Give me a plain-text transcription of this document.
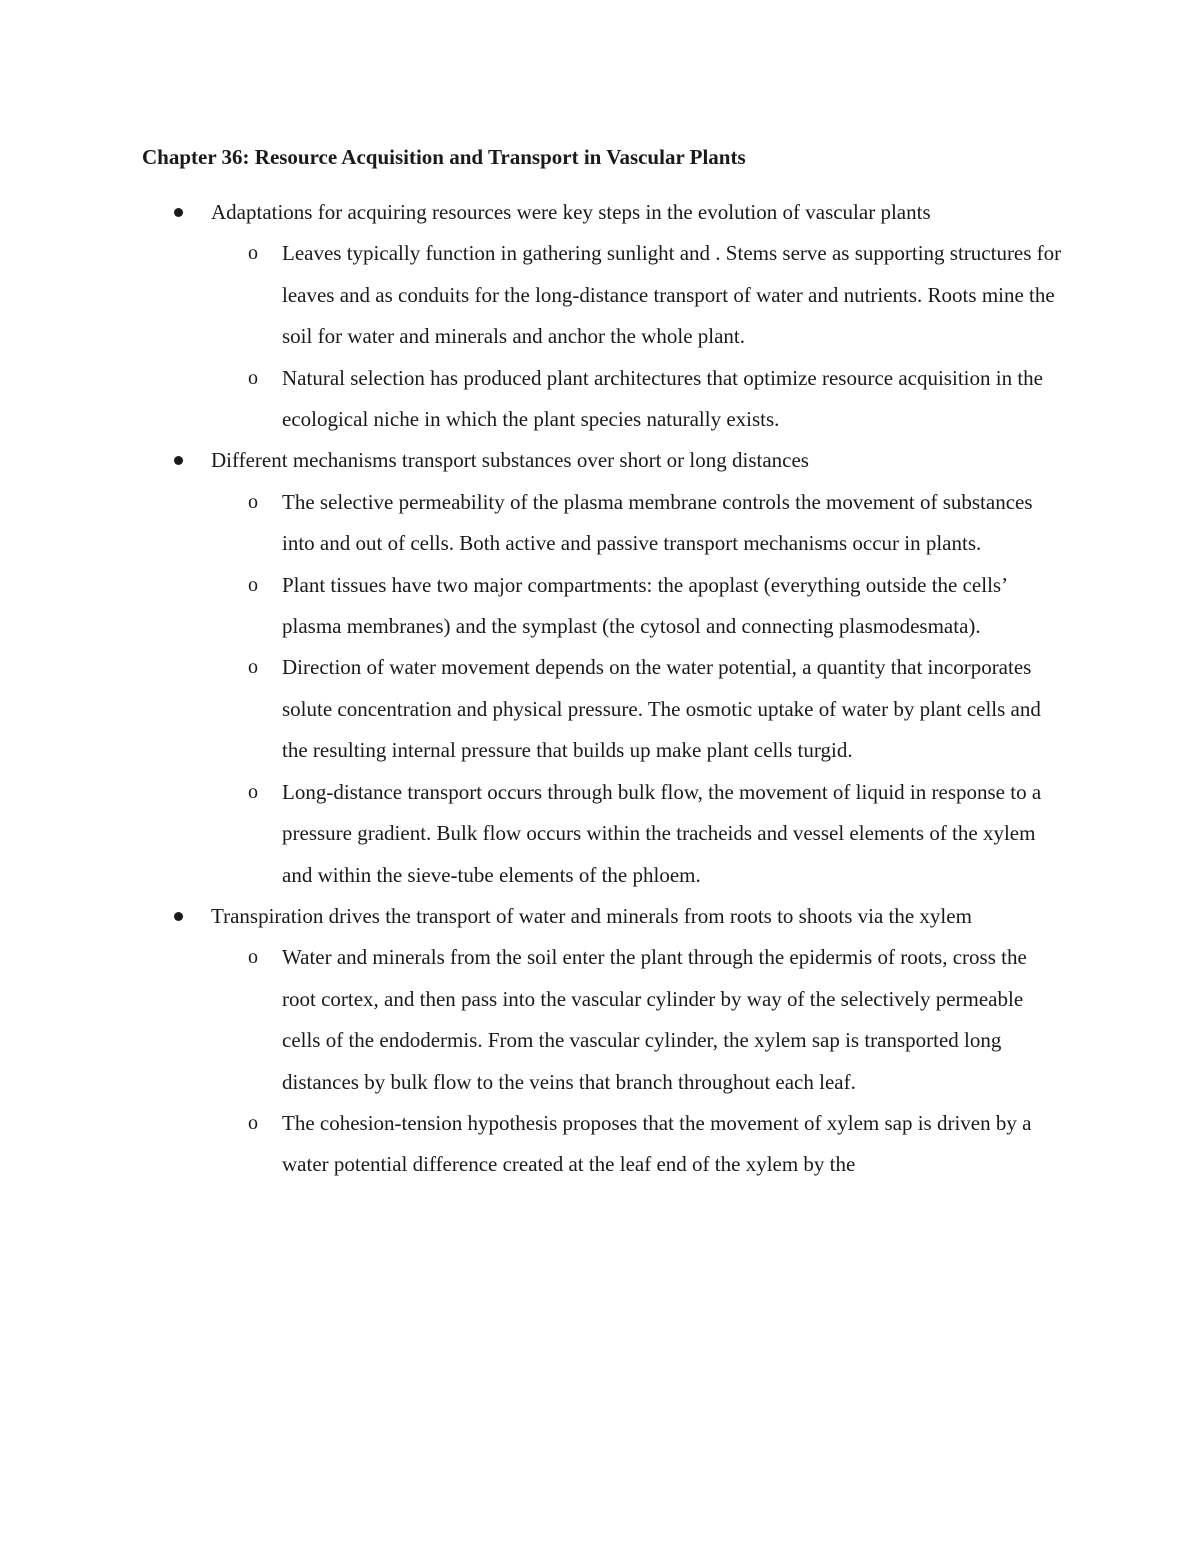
Chapter 36: Resource Acquisition and Transport in Vascular Plants
Adaptations for acquiring resources were key steps in the evolution of vascular plants
o Leaves typically function in gathering sunlight and . Stems serve as supporting structures for leaves and as conduits for the long-distance transport of water and nutrients. Roots mine the soil for water and minerals and anchor the whole plant.
o Natural selection has produced plant architectures that optimize resource acquisition in the ecological niche in which the plant species naturally exists.
Different mechanisms transport substances over short or long distances
o The selective permeability of the plasma membrane controls the movement of substances into and out of cells. Both active and passive transport mechanisms occur in plants.
o Plant tissues have two major compartments: the apoplast (everything outside the cells’ plasma membranes) and the symplast (the cytosol and connecting plasmodesmata).
o Direction of water movement depends on the water potential, a quantity that incorporates solute concentration and physical pressure. The osmotic uptake of water by plant cells and the resulting internal pressure that builds up make plant cells turgid.
o Long-distance transport occurs through bulk flow, the movement of liquid in response to a pressure gradient. Bulk flow occurs within the tracheids and vessel elements of the xylem and within the sieve-tube elements of the phloem.
Transpiration drives the transport of water and minerals from roots to shoots via the xylem
o Water and minerals from the soil enter the plant through the epidermis of roots, cross the root cortex, and then pass into the vascular cylinder by way of the selectively permeable cells of the endodermis. From the vascular cylinder, the xylem sap is transported long distances by bulk flow to the veins that branch throughout each leaf.
o The cohesion-tension hypothesis proposes that the movement of xylem sap is driven by a water potential difference created at the leaf end of the xylem by the
